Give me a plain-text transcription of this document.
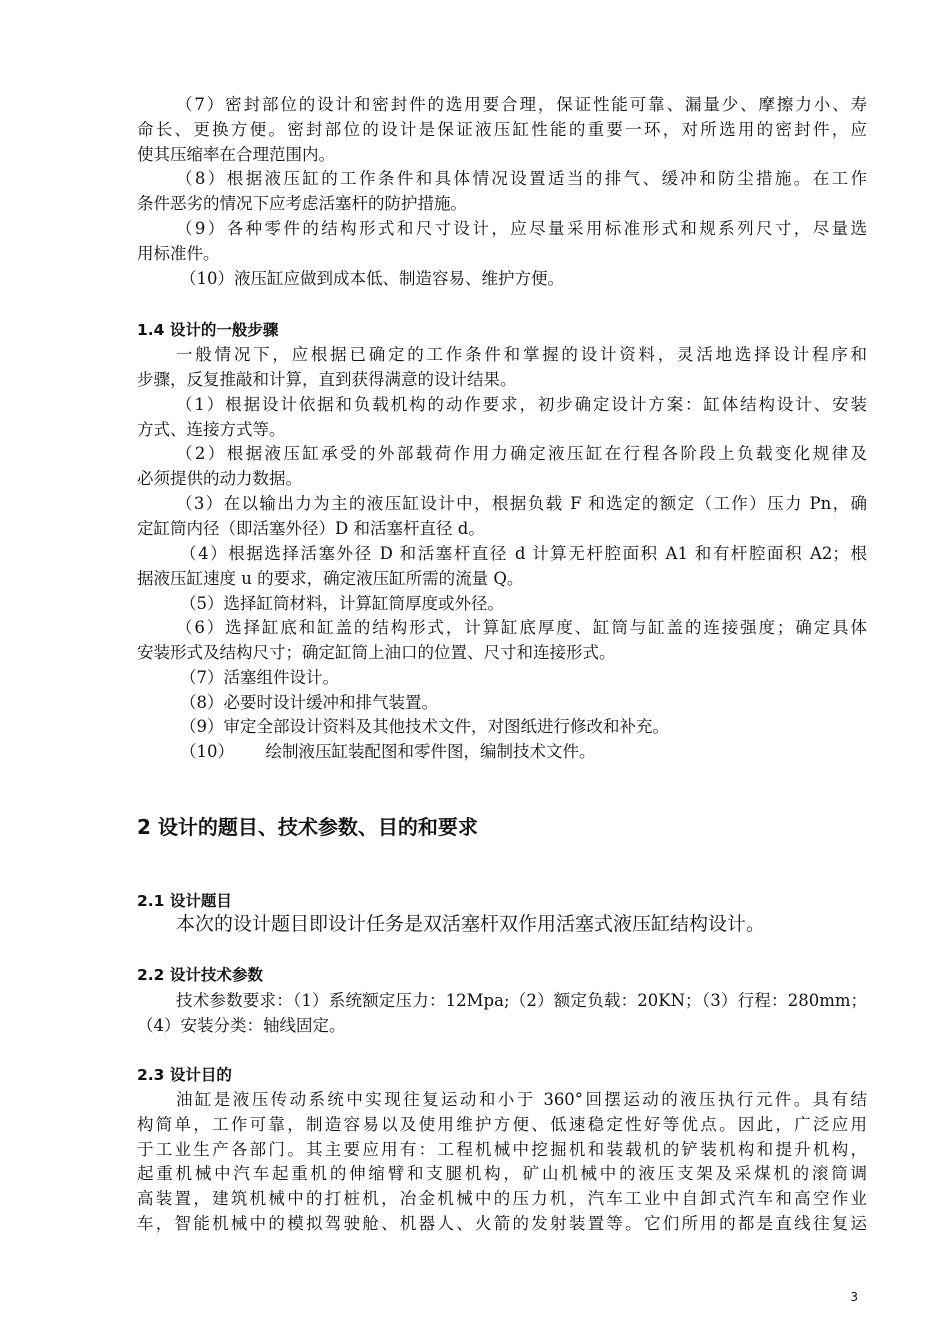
（7）密封部位的设计和密封件的选用要合理，保证性能可靠、漏量少、摩擦力小、寿
命长、更换方便。密封部位的设计是保证液压缸性能的重要一环，对所选用的密封件，应
使其压缩率在合理范围内。
（8）根据液压缸的工作条件和具体情况设置适当的排气、缓冲和防尘措施。在工作
条件恶劣的情况下应考虑活塞杆的防护措施。
（9）各种零件的结构形式和尺寸设计，应尽量采用标准形式和规系列尺寸，尽量选
用标准件。
（10）液压缸应做到成本低、制造容易、维护方便。
1.4 设计的一般步骤
一般情况下，应根据已确定的工作条件和掌握的设计资料，灵活地选择设计程序和
步骤，反复推敲和计算，直到获得满意的设计结果。
（1）根据设计依据和负载机构的动作要求，初步确定设计方案：缸体结构设计、安装
方式、连接方式等。
（2）根据液压缸承受的外部载荷作用力确定液压缸在行程各阶段上负载变化规律及
必须提供的动力数据。
（3）在以输出力为主的液压缸设计中，根据负载 F 和选定的额定（工作）压力 Pn，确
定缸筒内径（即活塞外径）D 和活塞杆直径 d。
（4）根据选择活塞外径 D 和活塞杆直径 d 计算无杆腔面积 A1 和有杆腔面积 A2；根
据液压缸速度 u 的要求，确定液压缸所需的流量 Q。
（5）选择缸筒材料，计算缸筒厚度或外径。
（6）选择缸底和缸盖的结构形式，计算缸底厚度、缸筒与缸盖的连接强度；确定具体
安装形式及结构尺寸；确定缸筒上油口的位置、尺寸和连接形式。
（7）活塞组件设计。
（8）必要时设计缓冲和排气装置。
（9）审定全部设计资料及其他技术文件，对图纸进行修改和补充。
（10）      绘制液压缸装配图和零件图，编制技术文件。
2 设计的题目、技术参数、目的和要求
2.1 设计题目
本次的设计题目即设计任务是双活塞杆双作用活塞式液压缸结构设计。
2.2 设计技术参数
技术参数要求：（1）系统额定压力：12Mpa;（2）额定负载：20KN；（3）行程：280mm；
（4）安装分类：轴线固定。
2.3 设计目的
油缸是液压传动系统中实现往复运动和小于 360°回摆运动的液压执行元件。具有结
构简单，工作可靠，制造容易以及使用维护方便、低速稳定性好等优点。因此，广泛应用
于工业生产各部门。其主要应用有：工程机械中挖掘机和装载机的铲装机构和提升机构，
起重机械中汽车起重机的伸缩臂和支腿机构，矿山机械中的液压支架及采煤机的滚筒调
高装置，建筑机械中的打桩机，冶金机械中的压力机，汽车工业中自卸式汽车和高空作业
车，智能机械中的模拟驾驶舱、机器人、火箭的发射装置等。它们所用的都是直线往复运
3
